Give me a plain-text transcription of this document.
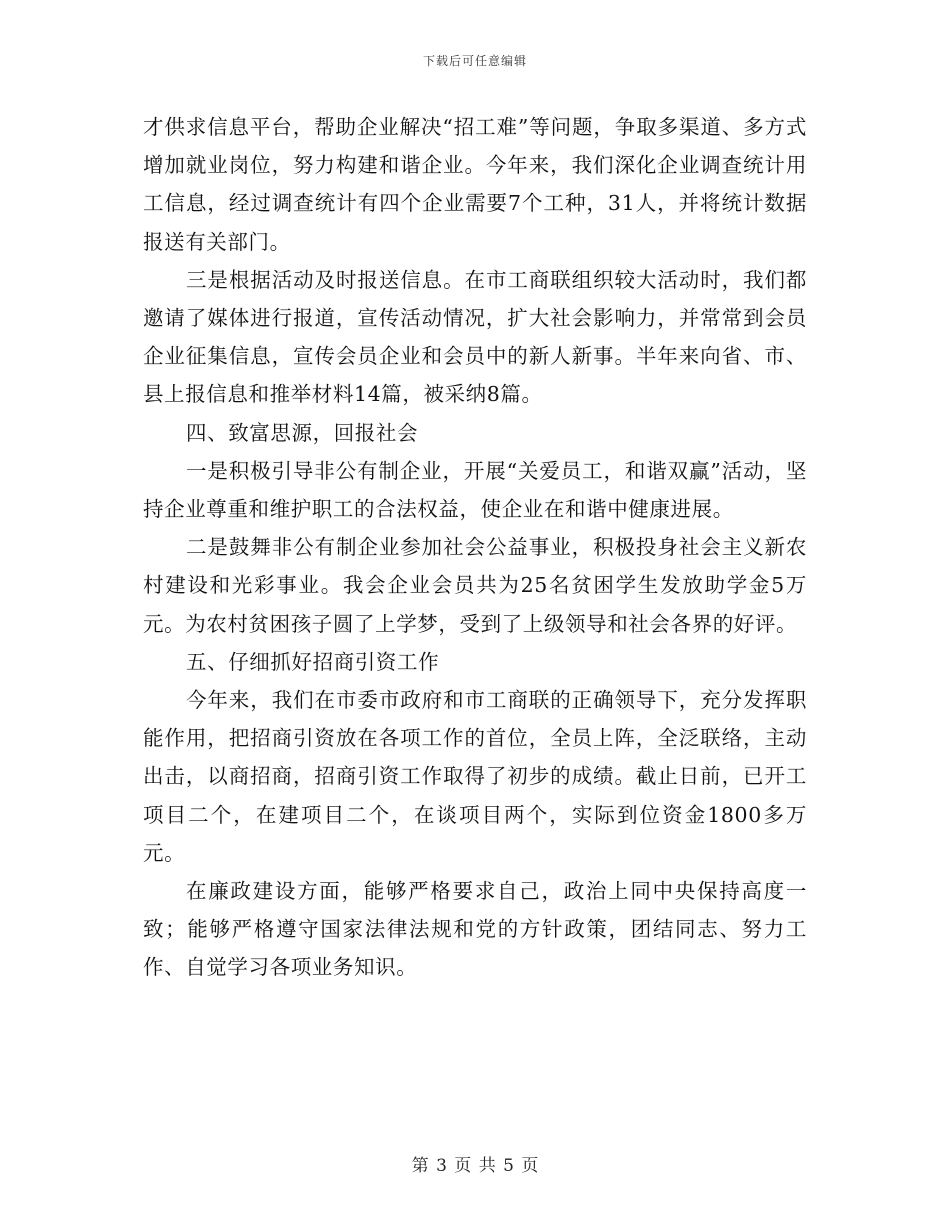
下载后可任意编辑

才供求信息平台，帮助企业解决“招工难”等问题，争取多渠道、多方式增加就业岗位，努力构建和谐企业。今年来，我们深化企业调查统计用工信息，经过调查统计有四个企业需要7个工种，31人，并将统计数据报送有关部门。

三是根据活动及时报送信息。在市工商联组织较大活动时，我们都邀请了媒体进行报道，宣传活动情况，扩大社会影响力，并常常到会员企业征集信息，宣传会员企业和会员中的新人新事。半年来向省、市、县上报信息和推举材料14篇，被采纳8篇。

四、致富思源，回报社会

一是积极引导非公有制企业，开展“关爱员工，和谐双赢”活动，坚持企业尊重和维护职工的合法权益，使企业在和谐中健康进展。

二是鼓舞非公有制企业参加社会公益事业，积极投身社会主义新农村建设和光彩事业。我会企业会员共为25名贫困学生发放助学金5万元。为农村贫困孩子圆了上学梦，受到了上级领导和社会各界的好评。

五、仔细抓好招商引资工作

今年来，我们在市委市政府和市工商联的正确领导下，充分发挥职能作用，把招商引资放在各项工作的首位，全员上阵，全泛联络，主动出击，以商招商，招商引资工作取得了初步的成绩。截止日前，已开工项目二个，在建项目二个，在谈项目两个，实际到位资金1800多万元。

在廉政建设方面，能够严格要求自己，政治上同中央保持高度一致；能够严格遵守国家法律法规和党的方针政策，团结同志、努力工作、自觉学习各项业务知识。

第 3 页 共 5 页
